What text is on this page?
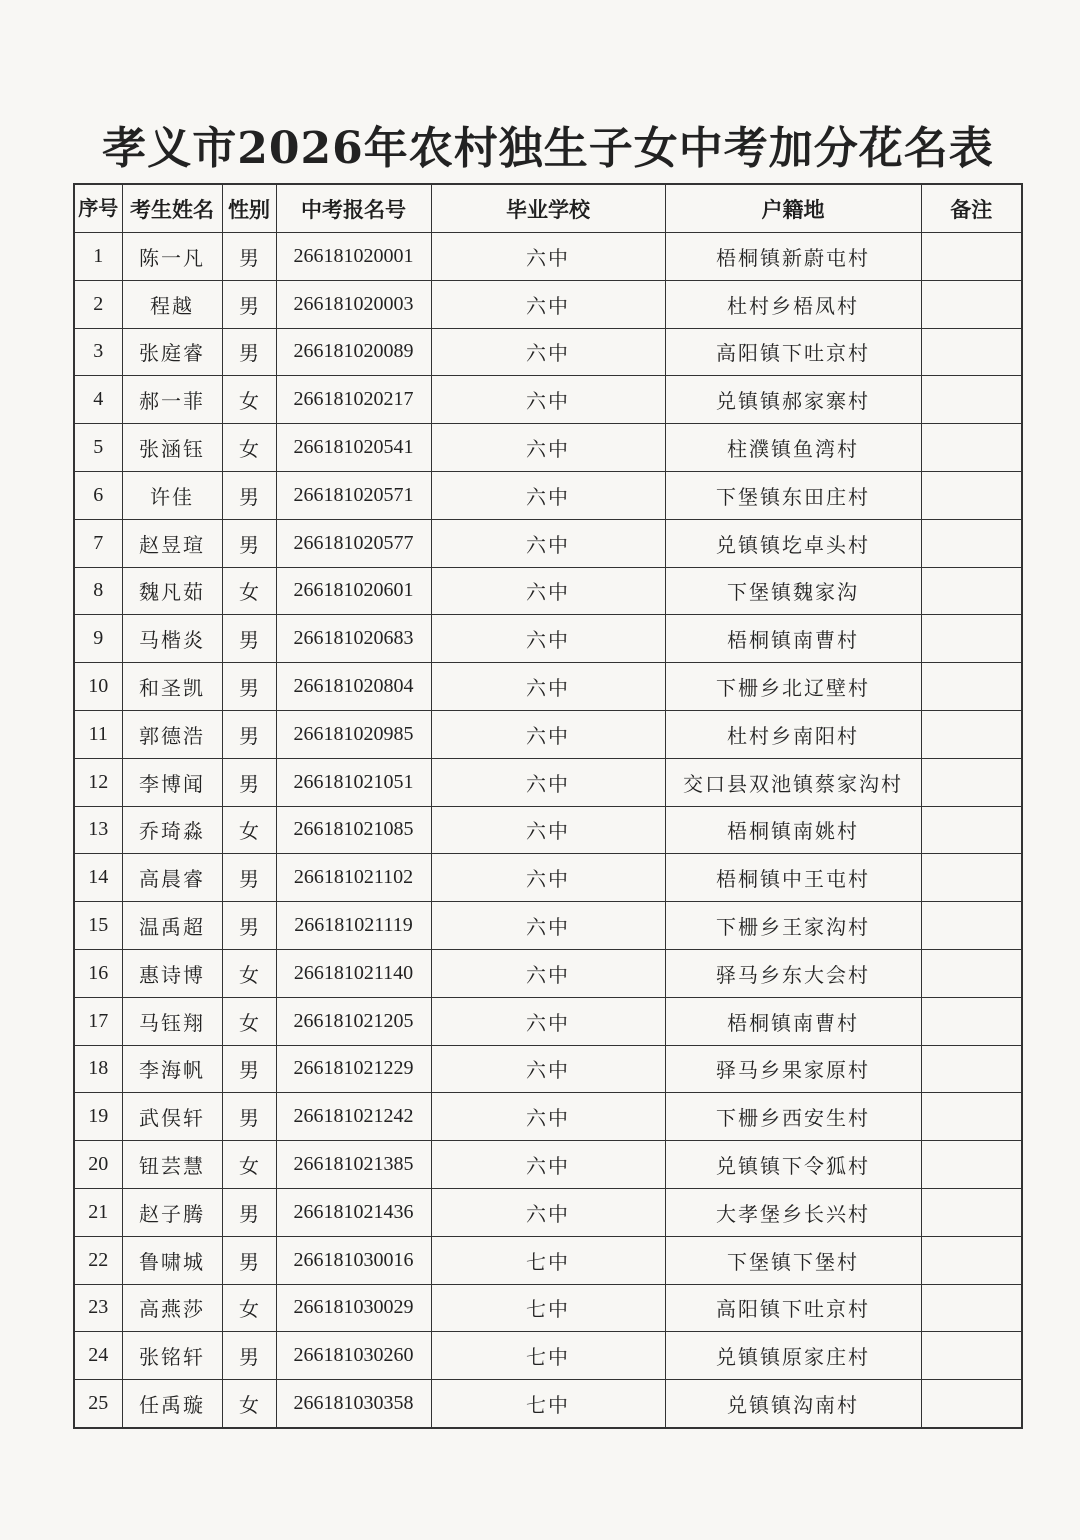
孝义市2026年农村独生子女中考加分花名表
序号	考生姓名	性别	中考报名号	毕业学校	户籍地	备注
1	陈一凡	男	266181020001	六中	梧桐镇新蔚屯村	
2	程越	男	266181020003	六中	杜村乡梧凤村	
3	张庭睿	男	266181020089	六中	高阳镇下吐京村	
4	郝一菲	女	266181020217	六中	兑镇镇郝家寨村	
5	张涵钰	女	266181020541	六中	柱濮镇鱼湾村	
6	许佳	男	266181020571	六中	下堡镇东田庄村	
7	赵昱瑄	男	266181020577	六中	兑镇镇圪卓头村	
8	魏凡茹	女	266181020601	六中	下堡镇魏家沟	
9	马楷炎	男	266181020683	六中	梧桐镇南曹村	
10	和圣凯	男	266181020804	六中	下栅乡北辽壁村	
11	郭德浩	男	266181020985	六中	杜村乡南阳村	
12	李博闻	男	266181021051	六中	交口县双池镇蔡家沟村	
13	乔琦淼	女	266181021085	六中	梧桐镇南姚村	
14	高晨睿	男	266181021102	六中	梧桐镇中王屯村	
15	温禹超	男	266181021119	六中	下栅乡王家沟村	
16	惠诗博	女	266181021140	六中	驿马乡东大会村	
17	马钰翔	女	266181021205	六中	梧桐镇南曹村	
18	李海帆	男	266181021229	六中	驿马乡果家原村	
19	武俣轩	男	266181021242	六中	下栅乡西安生村	
20	钮芸慧	女	266181021385	六中	兑镇镇下令狐村	
21	赵子腾	男	266181021436	六中	大孝堡乡长兴村	
22	鲁啸城	男	266181030016	七中	下堡镇下堡村	
23	高燕莎	女	266181030029	七中	高阳镇下吐京村	
24	张铭轩	男	266181030260	七中	兑镇镇原家庄村	
25	任禹璇	女	266181030358	七中	兑镇镇沟南村	
